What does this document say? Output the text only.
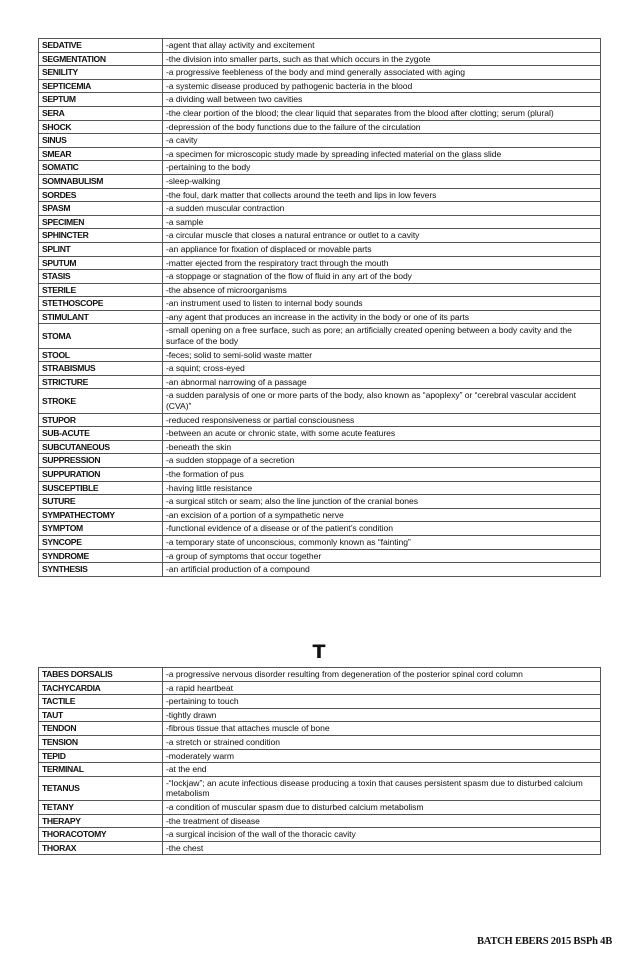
SEDATIVE	-agent that allay activity and excitement
SEGMENTATION	-the division into smaller parts, such as that which occurs in the zygote
SENILITY	-a progressive feebleness of the body and mind generally associated with aging
SEPTICEMIA	-a systemic disease produced by pathogenic bacteria in the blood
SEPTUM	-a dividing wall between two cavities
SERA	-the clear portion of the blood; the clear liquid that separates from the blood after clotting; serum (plural)
SHOCK	-depression of the body functions due to the failure of the circulation
SINUS	-a cavity
SMEAR	-a specimen for microscopic study made by spreading infected material on the glass slide
SOMATIC	-pertaining to the body
SOMNABULISM	-sleep-walking
SORDES	-the foul, dark matter that collects around the teeth and lips in low fevers
SPASM	-a sudden muscular contraction
SPECIMEN	-a sample
SPHINCTER	-a circular muscle that closes a natural entrance or outlet to a cavity
SPLINT	-an appliance for fixation of displaced or movable parts
SPUTUM	-matter ejected from the respiratory tract through the mouth
STASIS	-a stoppage or stagnation of the flow of fluid in any art of the body
STERILE	-the absence of microorganisms
STETHOSCOPE	-an instrument used to listen to internal body sounds
STIMULANT	-any agent that produces an increase in the activity in the body or one of its parts
STOMA	-small opening on a free surface, such as pore; an artificially created opening between a body cavity and the surface of the body
STOOL	-feces; solid to semi-solid waste matter
STRABISMUS	-a squint; cross-eyed
STRICTURE	-an abnormal narrowing of a passage
STROKE	-a sudden paralysis of one or more parts of the body, also known as “apoplexy” or “cerebral vascular accident (CVA)”
STUPOR	-reduced responsiveness or partial consciousness
SUB-ACUTE	-between an acute or chronic state, with some acute features
SUBCUTANEOUS	-beneath the skin
SUPPRESSION	-a sudden stoppage of a secretion
SUPPURATION	-the formation of pus
SUSCEPTIBLE	-having little resistance
SUTURE	-a surgical stitch or seam; also the line junction of the cranial bones
SYMPATHECTOMY	-an excision of a portion of a sympathetic nerve
SYMPTOM	-functional evidence of a disease or of the patient’s condition
SYNCOPE	-a temporary state of unconscious, commonly known as “fainting”
SYNDROME	-a group of symptoms that occur together
SYNTHESIS	-an artificial production of a compound
T
TABES DORSALIS	-a progressive nervous disorder resulting from degeneration of the posterior spinal cord column
TACHYCARDIA	-a rapid heartbeat
TACTILE	-pertaining to touch
TAUT	-tightly drawn
TENDON	-fibrous tissue that attaches muscle of bone
TENSION	-a stretch or strained condition
TEPID	-moderately warm
TERMINAL	-at the end
TETANUS	-“lockjaw”; an acute infectious disease producing a toxin that causes persistent spasm due to disturbed calcium metabolism
TETANY	-a condition of muscular spasm due to disturbed calcium metabolism
THERAPY	-the treatment of disease
THORACOTOMY	-a surgical incision of the wall of the thoracic cavity
THORAX	-the chest
BATCH EBERS 2015 BSPh 4B
